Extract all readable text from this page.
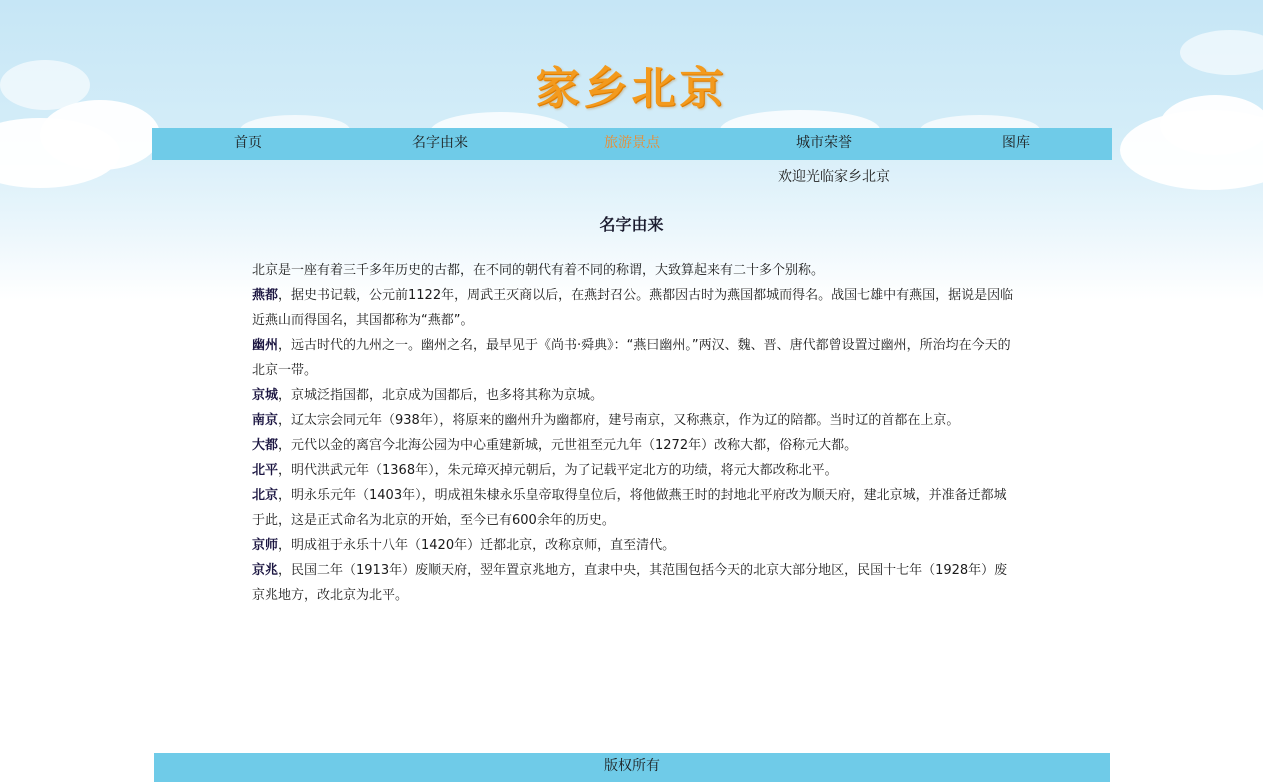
家乡北京
首页	名字由来	旅游景点	城市荣誉	图库
欢迎光临家乡北京
名字由来

北京是一座有着三千多年历史的古都，在不同的朝代有着不同的称谓，大致算起来有二十多个别称。

燕都，据史书记载，公元前1122年，周武王灭商以后，在燕封召公。燕都因古时为燕国都城而得名。战国七雄中有燕国，据说是因临近燕山而得国名，其国都称为“燕都”。

幽州，远古时代的九州之一。幽州之名，最早见于《尚书·舜典》：“燕曰幽州。”两汉、魏、晋、唐代都曾设置过幽州，所治均在今天的北京一带。

京城，京城泛指国都，北京成为国都后，也多将其称为京城。

南京，辽太宗会同元年（938年），将原来的幽州升为幽都府，建号南京，又称燕京，作为辽的陪都。当时辽的首都在上京。

大都，元代以金的离宫今北海公园为中心重建新城，元世祖至元九年（1272年）改称大都，俗称元大都。

北平，明代洪武元年（1368年），朱元璋灭掉元朝后，为了记载平定北方的功绩，将元大都改称北平。

北京，明永乐元年（1403年），明成祖朱棣永乐皇帝取得皇位后，将他做燕王时的封地北平府改为顺天府，建北京城，并准备迁都城于此，这是正式命名为北京的开始，至今已有600余年的历史。

京师，明成祖于永乐十八年（1420年）迁都北京，改称京师，直至清代。

京兆，民国二年（1913年）废顺天府，翌年置京兆地方，直隶中央，其范围包括今天的北京大部分地区，民国十七年（1928年）废京兆地方，改北京为北平。

版权所有
